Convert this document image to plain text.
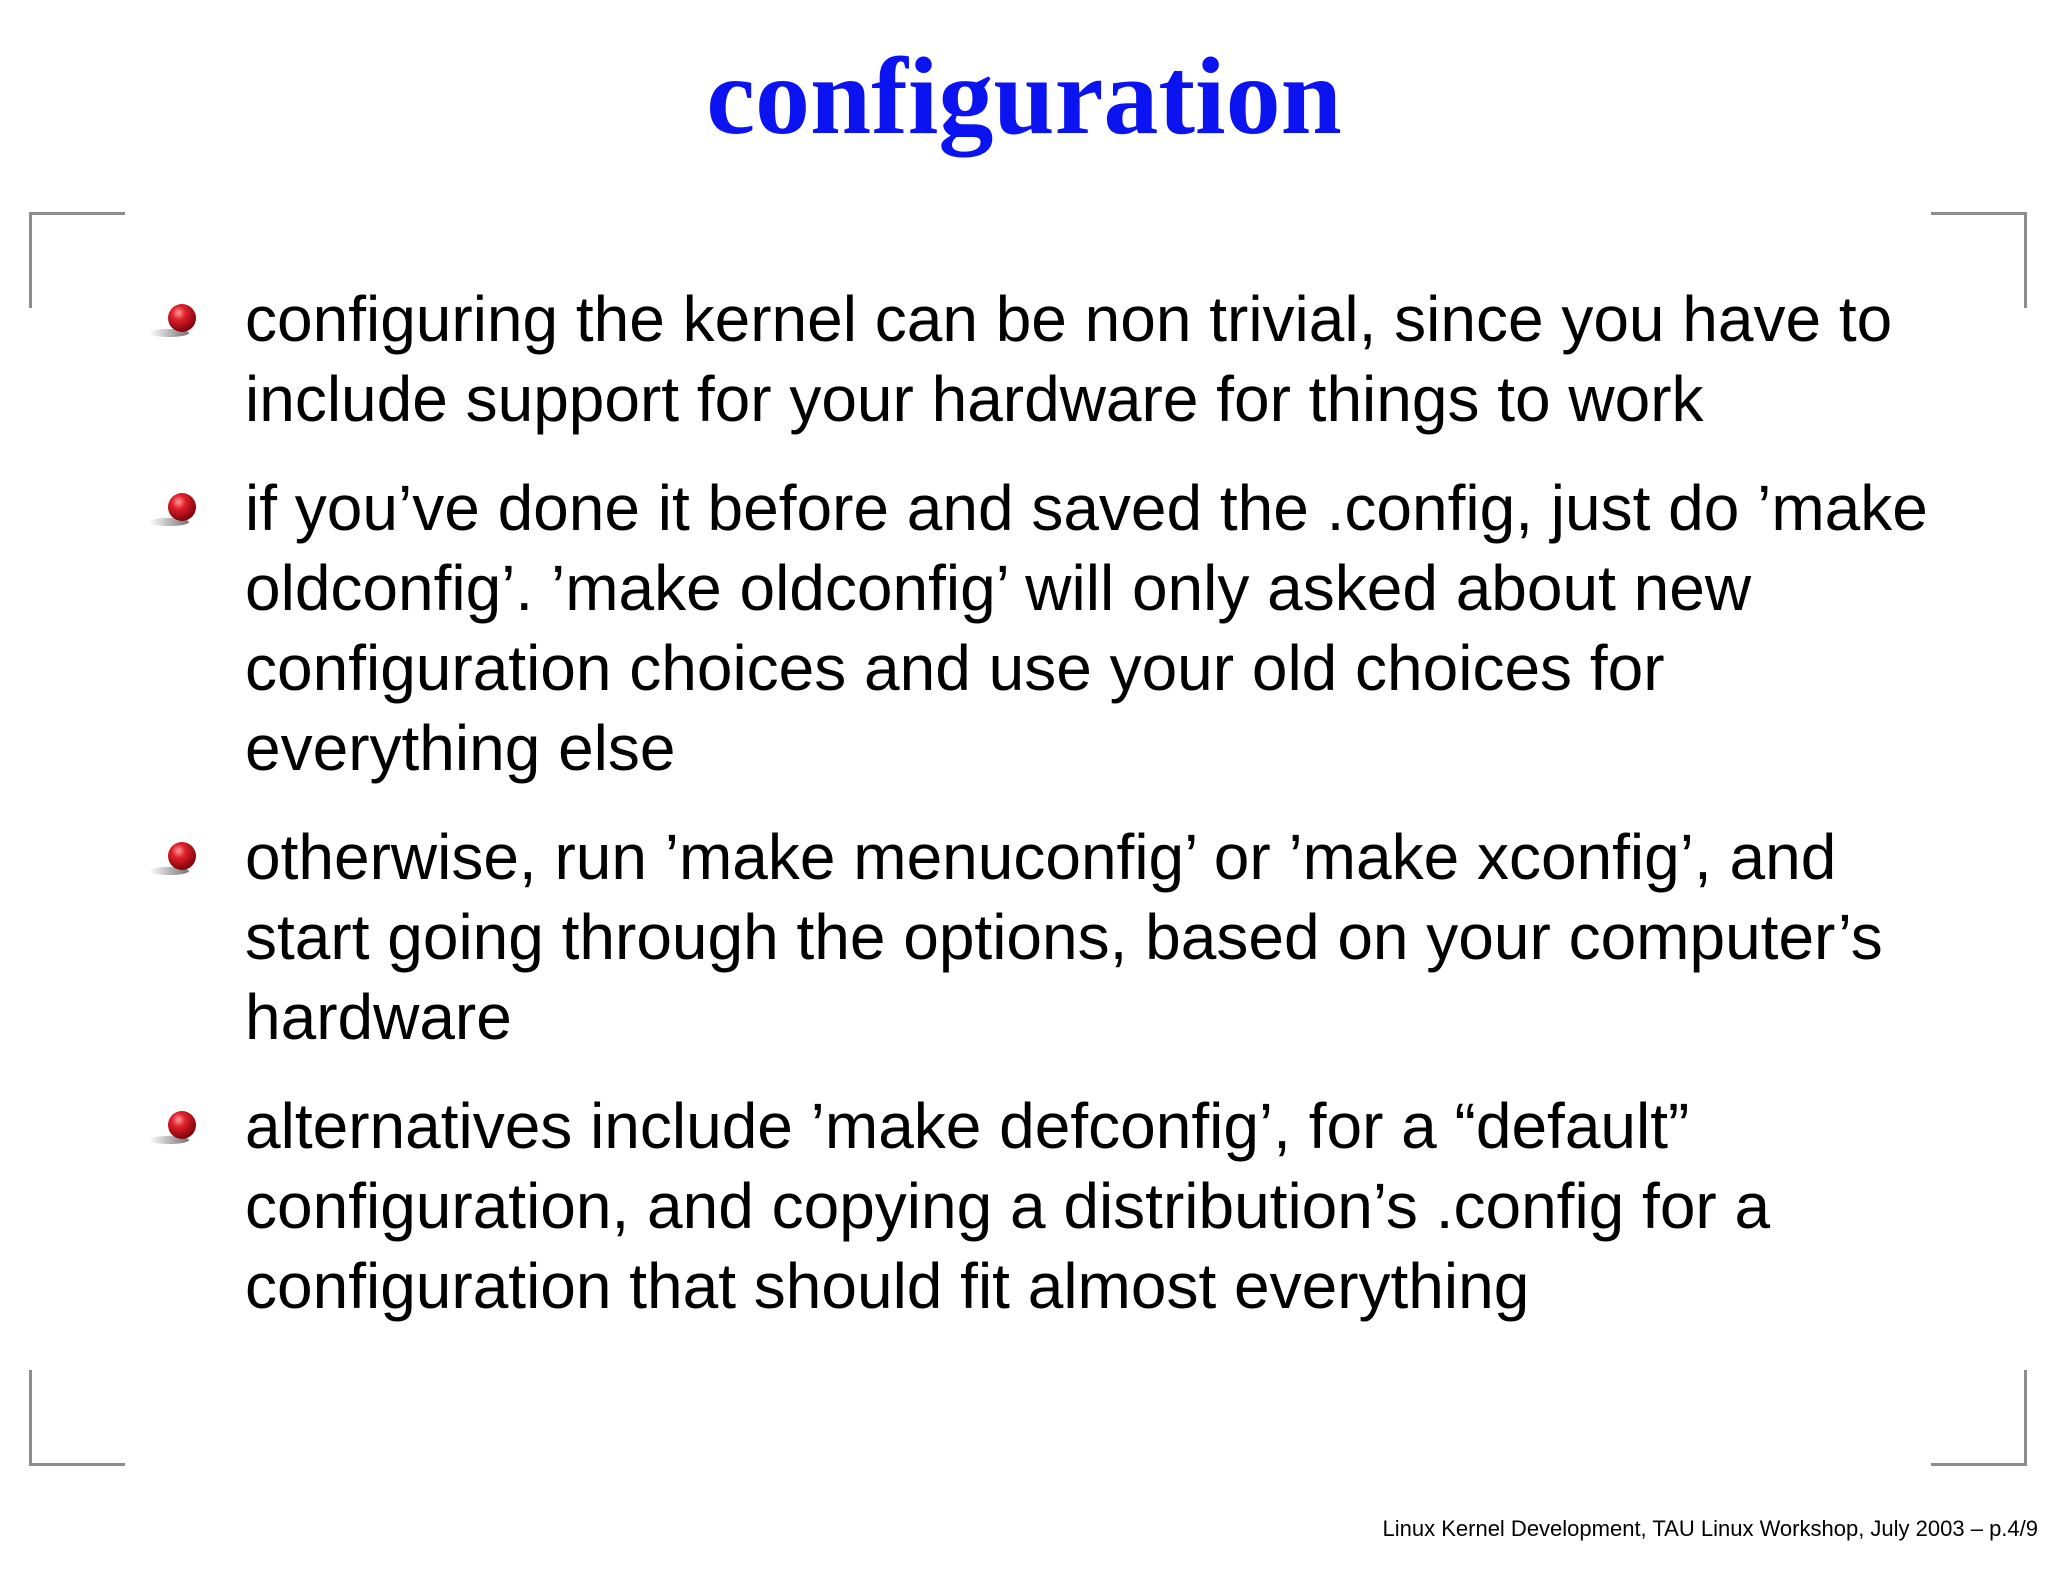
configuration
configuring the kernel can be non trivial, since you have to include support for your hardware for things to work
if you’ve done it before and saved the .config, just do ’make oldconfig’. ’make oldconfig’ will only asked about new configuration choices and use your old choices for everything else
otherwise, run ’make menuconfig’ or ’make xconfig’, and start going through the options, based on your computer’s hardware
alternatives include ’make defconfig’, for a “default” configuration, and copying a distribution’s .config for a configuration that should fit almost everything
Linux Kernel Development, TAU Linux Workshop, July 2003 – p.4/9
